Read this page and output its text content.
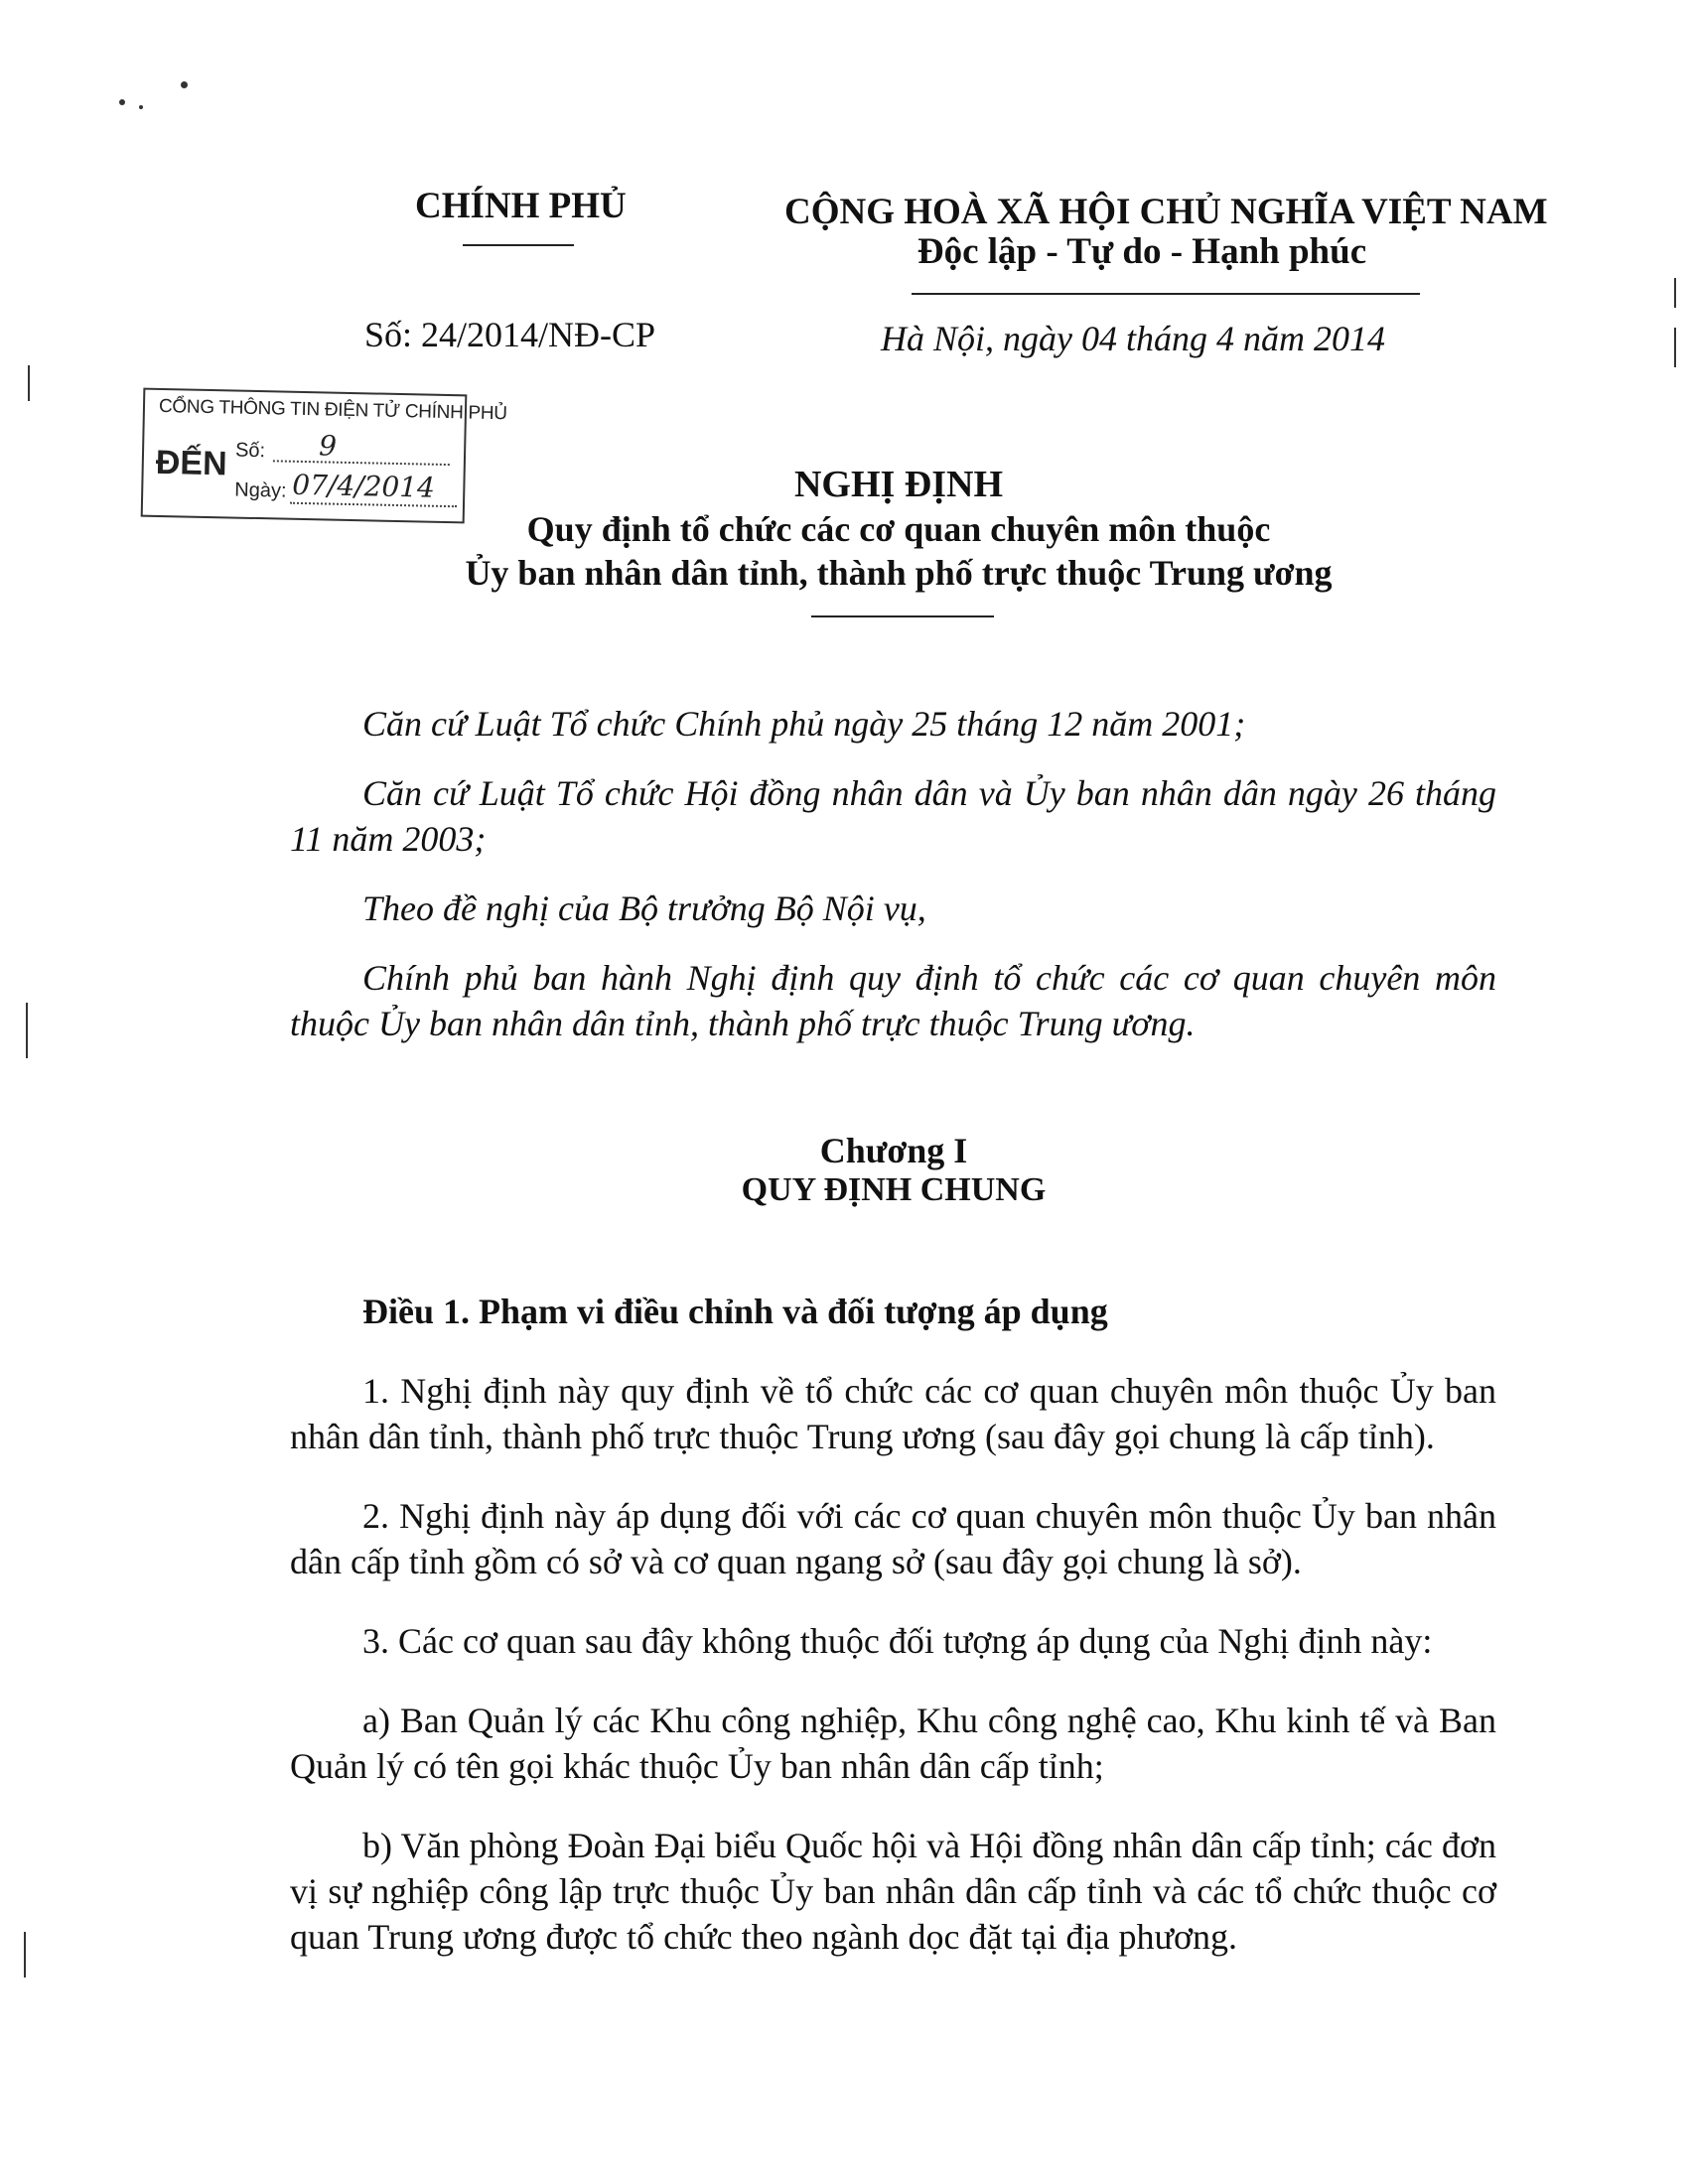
CHÍNH PHỦ	CỘNG HOÀ XÃ HỘI CHỦ NGHĨA VIỆT NAM
Độc lập - Tự do - Hạnh phúc
Số: 24/2014/NĐ-CP	Hà Nội, ngày 04 tháng 4 năm 2014
CỔNG THÔNG TIN ĐIỆN TỬ CHÍNH PHỦ
ĐẾN Số: 9
Ngày: 07/4/2014	NGHỊ ĐỊNH
Quy định tổ chức các cơ quan chuyên môn thuộc
Ủy ban nhân dân tỉnh, thành phố trực thuộc Trung ương

Căn cứ Luật Tổ chức Chính phủ ngày 25 tháng 12 năm 2001;

Căn cứ Luật Tổ chức Hội đồng nhân dân và Ủy ban nhân dân ngày 26 tháng 11 năm 2003;

Theo đề nghị của Bộ trưởng Bộ Nội vụ,

Chính phủ ban hành Nghị định quy định tổ chức các cơ quan chuyên môn thuộc Ủy ban nhân dân tỉnh, thành phố trực thuộc Trung ương.

Chương I
QUY ĐỊNH CHUNG
Điều 1. Phạm vi điều chỉnh và đối tượng áp dụng

1. Nghị định này quy định về tổ chức các cơ quan chuyên môn thuộc Ủy ban nhân dân tỉnh, thành phố trực thuộc Trung ương (sau đây gọi chung là cấp tỉnh).

2. Nghị định này áp dụng đối với các cơ quan chuyên môn thuộc Ủy ban nhân dân cấp tỉnh gồm có sở và cơ quan ngang sở (sau đây gọi chung là sở).

3. Các cơ quan sau đây không thuộc đối tượng áp dụng của Nghị định này:

a) Ban Quản lý các Khu công nghiệp, Khu công nghệ cao, Khu kinh tế và Ban Quản lý có tên gọi khác thuộc Ủy ban nhân dân cấp tỉnh;

b) Văn phòng Đoàn Đại biểu Quốc hội và Hội đồng nhân dân cấp tỉnh; các đơn vị sự nghiệp công lập trực thuộc Ủy ban nhân dân cấp tỉnh và các tổ chức thuộc cơ quan Trung ương được tổ chức theo ngành dọc đặt tại địa phương.
